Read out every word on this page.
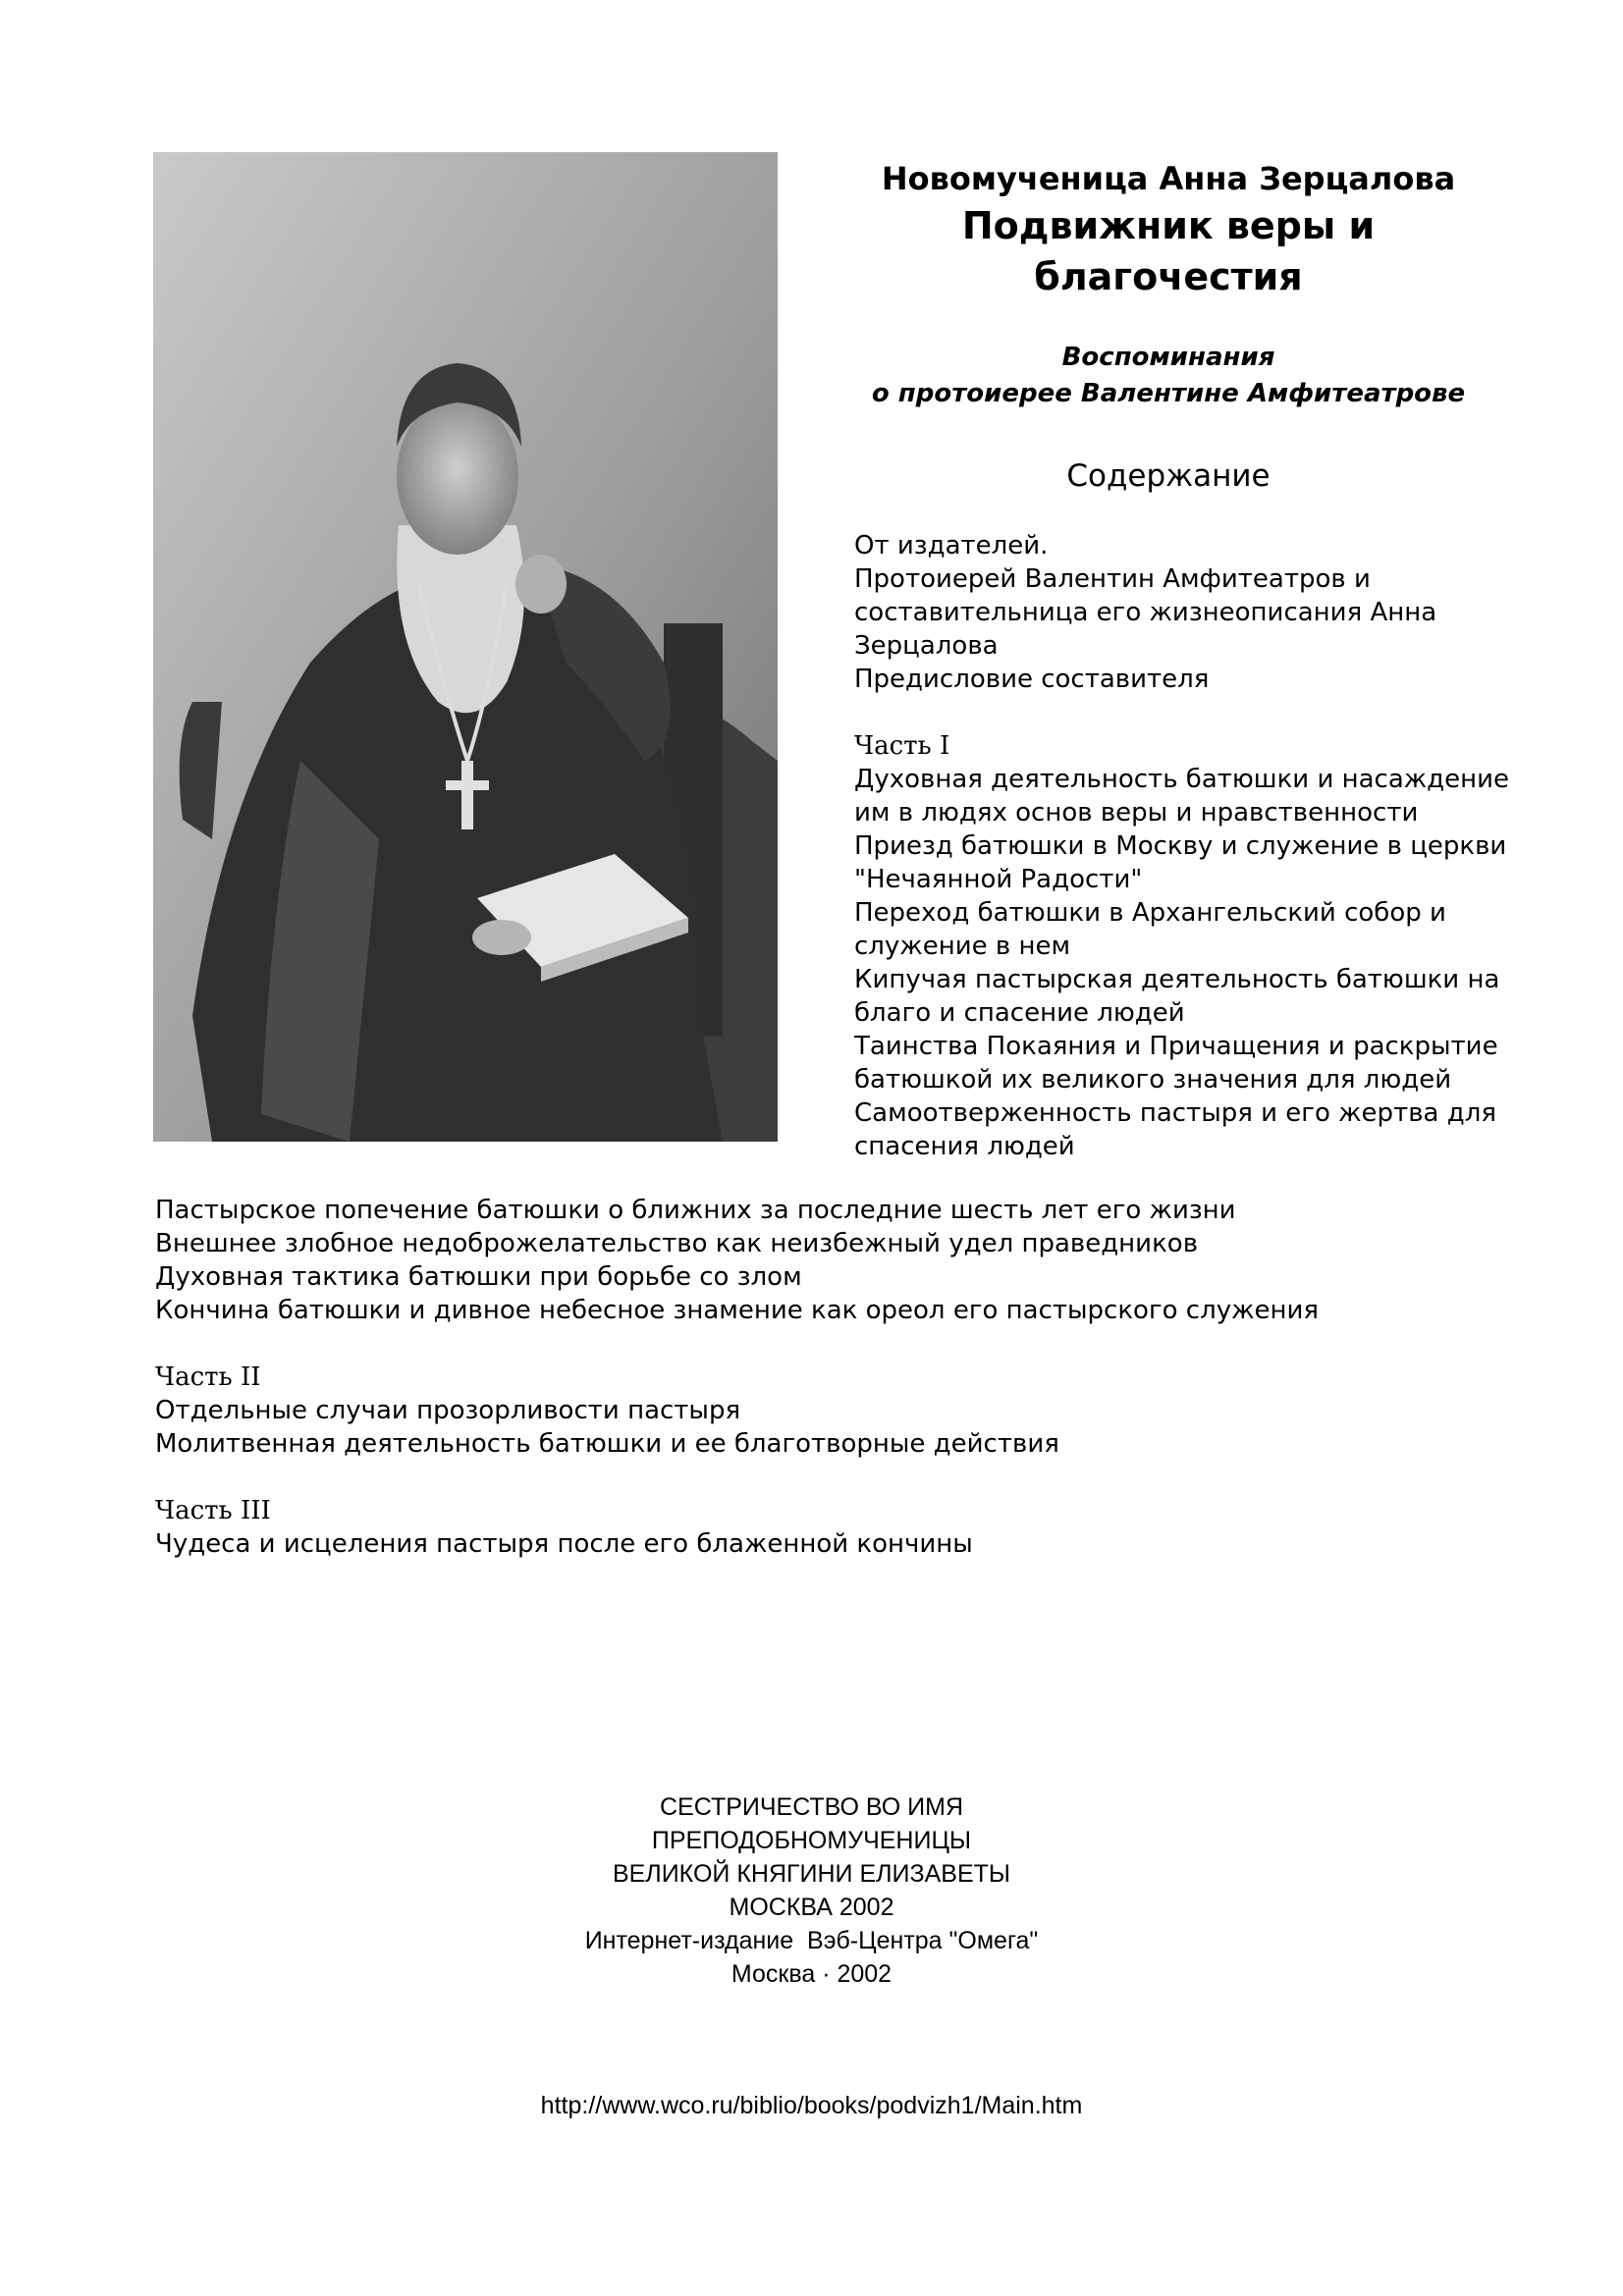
Новомученица Анна Зерцалова
Подвижник веры и
благочестия
Воспоминания
о протоиерее Валентине Амфитеатрове
Содержание
От издателей.
Протоиерей Валентин Амфитеатров и
составительница его жизнеописания Анна
Зерцалова
Предисловие составителя
Часть I
Духовная деятельность батюшки и насаждение
им в людях основ веры и нравственности
Приезд батюшки в Москву и служение в церкви
"Нечаянной Радости"
Переход батюшки в Архангельский собор и
служение в нем
Кипучая пастырская деятельность батюшки на
благо и спасение людей
Таинства Покаяния и Причащения и раскрытие
батюшкой их великого значения для людей
Самоотверженность пастыря и его жертва для
спасения людей
Пастырское попечение батюшки о ближних за последние шесть лет его жизни
Внешнее злобное недоброжелательство как неизбежный удел праведников
Духовная тактика батюшки при борьбе со злом
Кончина батюшки и дивное небесное знамение как ореол его пастырского служения
Часть II
Отдельные случаи прозорливости пастыря
Молитвенная деятельность батюшки и ее благотворные действия
Часть III
Чудеса и исцеления пастыря после его блаженной кончины
СЕСТРИЧЕСТВО ВО ИМЯ
ПРЕПОДОБНОМУЧЕНИЦЫ
ВЕЛИКОЙ КНЯГИНИ ЕЛИЗАВЕТЫ
МОСКВА 2002
Интернет-издание  Вэб-Центра "Омега"
Москва · 2002
http://www.wco.ru/biblio/books/podvizh1/Main.htm
